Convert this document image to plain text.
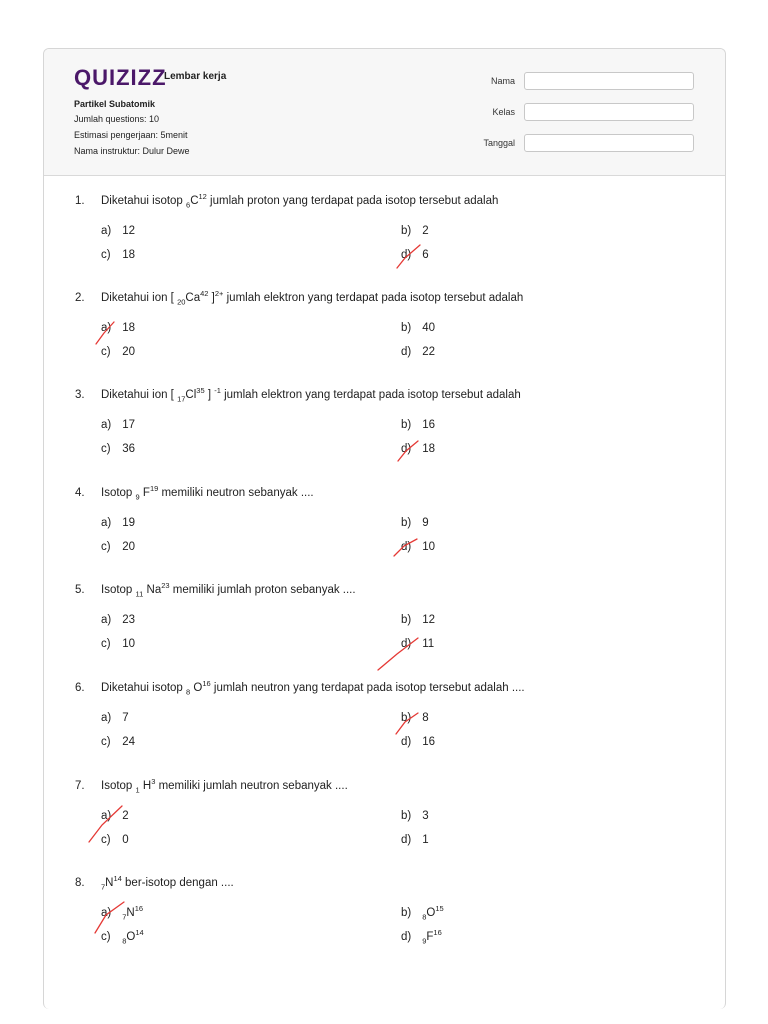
QUIZIZZ
Lembar kerja
Partikel Subatomik
Jumlah questions: 10
Estimasi pengerjaan: 5menit
Nama instruktur: Dulur Dewe
Nama
Kelas
Tanggal
1. Diketahui isotop $_6C^{12}$ jumlah proton yang terdapat pada isotop tersebut adalah
a) 12	b) 2
c) 18	d) 6
2. Diketahui ion [ $_{20}Ca^{42}$ ]$^{2+}$ jumlah elektron yang terdapat pada isotop tersebut adalah
a) 18	b) 40
c) 20	d) 22
3. Diketahui ion [ $_{17}Cl^{35}$ ] $^{-1}$ jumlah elektron yang terdapat pada isotop tersebut adalah
a) 17	b) 16
c) 36	d) 18
4. Isotop $_9$ $F^{19}$ memiliki neutron sebanyak ....
a) 19	b) 9
c) 20	d) 10
5. Isotop $_{11}$ Na$^{23}$ memiliki jumlah proton sebanyak ....
a) 23	b) 12
c) 10	d) 11
6. Diketahui isotop $_8$ $O^{16}$ jumlah neutron yang terdapat pada isotop tersebut adalah ....
a) 7	b) 8
c) 24	d) 16
7. Isotop $_1$ $H^3$ memiliki jumlah neutron sebanyak ....
a) 2	b) 3
c) 0	d) 1
8. $_7N^{14}$ ber-isotop dengan ....
a) $_7N^{16}$	b) $_8O^{15}$
c) $_8O^{14}$	d) $_9F^{16}$
